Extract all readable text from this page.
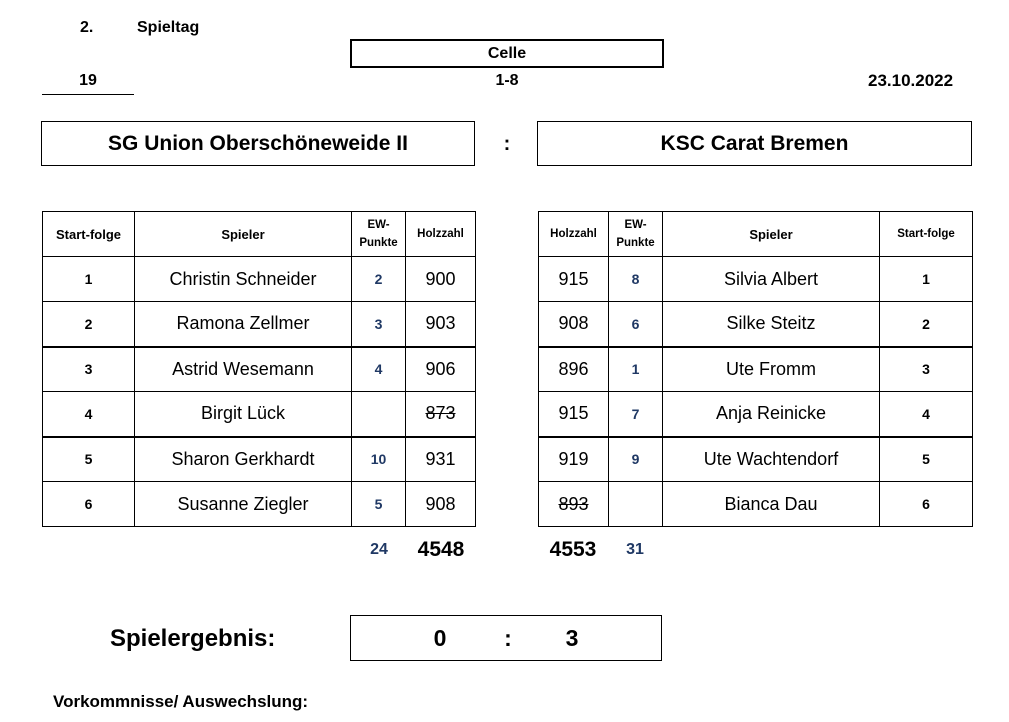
2.	Spieltag
Celle
19	1-8	23.10.2022
SG Union Oberschöneweide II	:	KSC Carat Bremen
Start-folge	Spieler	EW-Punkte	Holzzahl
1	Christin Schneider	2	900
2	Ramona Zellmer	3	903
3	Astrid Wesemann	4	906
4	Birgit Lück		873
5	Sharon Gerkhardt	10	931
6	Susanne Ziegler	5	908
Holzzahl	EW-Punkte	Spieler	Start-folge
915	8	Silvia Albert	1
908	6	Silke Steitz	2
896	1	Ute Fromm	3
915	7	Anja Reinicke	4
919	9	Ute Wachtendorf	5
893		Bianca Dau	6
24	4548	4553	31
Spielergebnis:	0	:	3
Vorkommnisse/ Auswechslung:
